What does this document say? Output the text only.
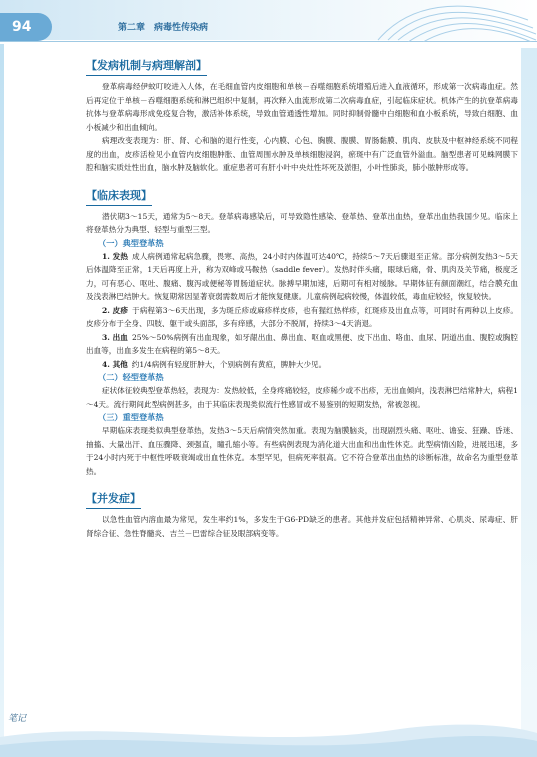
94	第二章　病毒性传染病
笔记
【发病机制与病理解剖】

登革病毒经伊蚊叮咬进入人体，在毛细血管内皮细胞和单核－吞噬细胞系统增殖后进入血液循环，形成第一次病毒血症。然后再定位于单核－吞噬细胞系统和淋巴组织中复制，再次释入血流形成第二次病毒血症，引起临床症状。机体产生的抗登革病毒抗体与登革病毒形成免疫复合物，激活补体系统，导致血管通透性增加。同时抑制骨髓中白细胞和血小板系统，导致白细胞、血小板减少和出血倾向。

病理改变表现为：肝、肾、心和脑的退行性变，心内膜、心包、胸膜、腹膜、胃肠黏膜、肌肉、皮肤及中枢神经系统不同程度的出血，皮疹活检见小血管内皮细胞肿胀、血管周围水肿及单核细胞浸润，瘀斑中有广泛血管外溢血。脑型患者可见蛛网膜下腔和脑实质灶性出血，脑水肿及脑软化。重症患者可有肝小叶中央灶性坏死及淤胆，小叶性肺炎，肺小脓肿形成等。

【临床表现】

潜伏期3～15天，通常为5～8天。登革病毒感染后，可导致隐性感染、登革热、登革出血热，登革出血热我国少见。临床上将登革热分为典型、轻型与重型三型。

（一）典型登革热

1. 发热 成人病例通常起病急骤，畏寒、高热，24小时内体温可达40℃，持续5～7天后骤退至正常。部分病例发热3～5天后体温降至正常，1天后再度上升，称为双峰或马鞍热（saddle fever）。发热时伴头痛，眼球后痛，骨、肌肉及关节痛，极度乏力，可有恶心、呕吐、腹痛、腹泻或便秘等胃肠道症状。脉搏早期加速，后期可有相对缓脉。早期体征有颜面潮红，结合膜充血及浅表淋巴结肿大。恢复期常因显著衰弱需数周后才能恢复健康。儿童病例起病较慢，体温较低，毒血症较轻，恢复较快。

2. 皮疹 于病程第3～6天出现，多为斑丘疹或麻疹样皮疹，也有猩红热样疹，红斑疹及出血点等，可同时有两种以上皮疹。皮疹分布于全身、四肢、躯干或头面部，多有痒感，大部分不脱屑，持续3～4天消退。

3. 出血 25%～50%病例有出血现象，如牙龈出血、鼻出血、呕血或黑便、皮下出血、咯血、血尿、阴道出血、腹腔或胸腔出血等，出血多发生在病程的第5～8天。

4. 其他 约1/4病例有轻度肝肿大，个别病例有黄疸，脾肿大少见。

（二）轻型登革热

症状体征较典型登革热轻，表现为：发热较低，全身疼痛较轻，皮疹稀少或不出疹，无出血倾向，浅表淋巴结常肿大，病程1～4天。流行期间此型病例甚多，由于其临床表现类似流行性感冒或不易鉴别的短期发热，常被忽视。

（三）重型登革热

早期临床表现类似典型登革热，发热3～5天后病情突然加重。表现为脑膜脑炎，出现剧烈头痛、呕吐、谵妄、狂躁、昏迷、抽搐、大量出汗、血压骤降、颈强直，瞳孔缩小等。有些病例表现为消化道大出血和出血性休克。此型病情凶险，进展迅速，多于24小时内死于中枢性呼吸衰竭或出血性休克。本型罕见，但病死率很高。它不符合登革出血热的诊断标准，故命名为重型登革热。

【并发症】

以急性血管内溶血最为常见，发生率约1%，多发生于G6-PD缺乏的患者。其他并发症包括精神异常、心肌炎、尿毒症、肝肾综合征、急性脊髓炎、吉兰－巴雷综合征及眼部病变等。
